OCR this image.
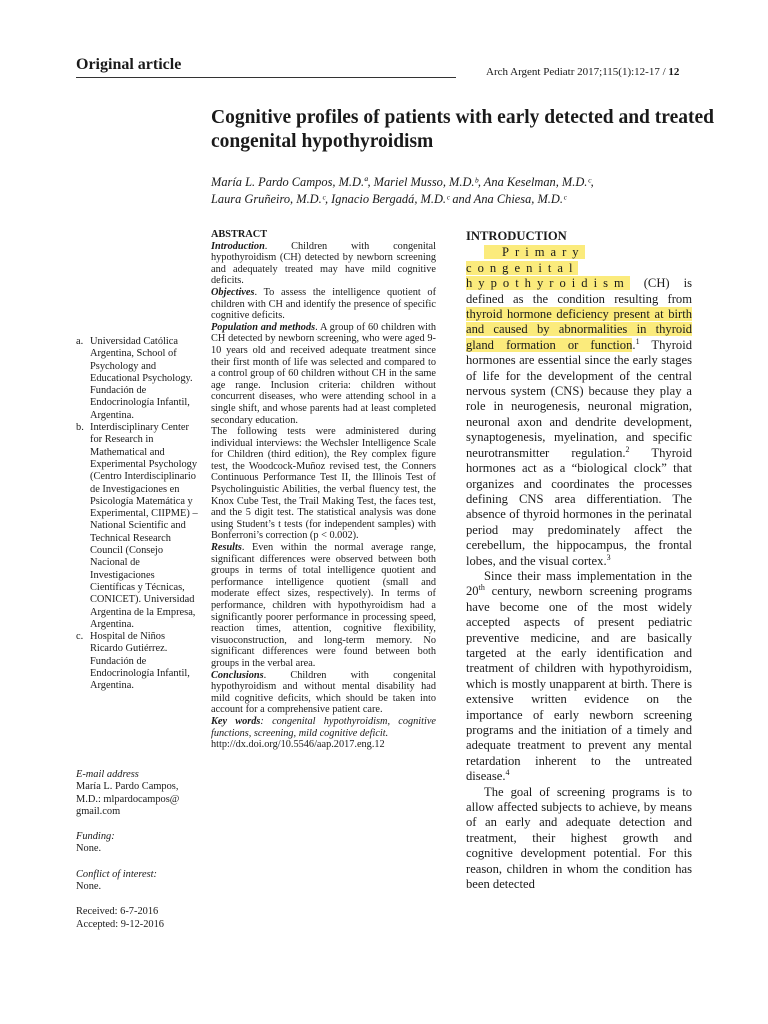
Original article	Arch Argent Pediatr 2017;115(1):12-17 / 12
Cognitive profiles of patients with early detected and treated congenital hypothyroidism
María L. Pardo Campos, M.D.ª, Mariel Musso, M.D.ᵇ, Ana Keselman, M.D.ᶜ,
Laura Gruñeiro, M.D.ᶜ, Ignacio Bergadá, M.D.ᶜ and Ana Chiesa, M.D.ᶜ
a. Universidad Católica Argentina, School of Psychology and Educational Psychology. Fundación de Endocrinología Infantil, Argentina.
b. Interdisciplinary Center for Research in Mathematical and Experimental Psychology (Centro Interdisciplinario de Investigaciones en Psicología Matemática y Experimental, CIIPME) – National Scientific and Technical Research Council (Consejo Nacional de Investigaciones Científicas y Técnicas, CONICET). Universidad Argentina de la Empresa, Argentina.
c. Hospital de Niños Ricardo Gutiérrez. Fundación de Endocrinología Infantil, Argentina.
E-mail address
María L. Pardo Campos, M.D.: mlpardocampos@ gmail.com
Funding:
None.
Conflict of interest:
None.
Received: 6-7-2016
Accepted: 9-12-2016
ABSTRACT

Introduction. Children with congenital hypothyroidism (CH) detected by newborn screening and adequately treated may have mild cognitive deficits.

Objectives. To assess the intelligence quotient of children with CH and identify the presence of specific cognitive deficits.

Population and methods. A group of 60 children with CH detected by newborn screening, who were aged 9-10 years old and received adequate treatment since their first month of life was selected and compared to a control group of 60 children without CH in the same age range. Inclusion criteria: children without concurrent diseases, who were attending school in a single shift, and whose parents had at least completed secondary education.

The following tests were administered during individual interviews: the Wechsler Intelligence Scale for Children (third edition), the Rey complex figure test, the Woodcock-Muñoz revised test, the Conners Continuous Performance Test II, the Illinois Test of Psycholinguistic Abilities, the verbal fluency test, the Knox Cube Test, the Trail Making Test, the faces test, and the 5 digit test. The statistical analysis was done using Student’s t tests (for independent samples) with Bonferroni’s correction (p < 0.002).

Results. Even within the normal average range, significant differences were observed between both groups in terms of total intelligence quotient and performance intelligence quotient (small and moderate effect sizes, respectively). In terms of performance, children with hypothyroidism had a significantly poorer performance in processing speed, reaction times, attention, cognitive flexibility, visuoconstruction, and long-term memory. No significant differences were found between both groups in the verbal area.

Conclusions. Children with congenital hypothyroidism and without mental disability had mild cognitive deficits, which should be taken into account for a comprehensive patient care.

Key words: congenital hypothyroidism, cognitive functions, screening, mild cognitive deficit.

http://dx.doi.org/10.5546/aap.2017.eng.12

INTRODUCTION

Primary congenital hypothyroidism (CH) is defined as the condition resulting from thyroid hormone deficiency present at birth and caused by abnormalities in thyroid gland formation or function.$^1$ Thyroid hormones are essential since the early stages of life for the development of the central nervous system (CNS) because they play a role in neurogenesis, neuronal migration, neuronal axon and dendrite development, synaptogenesis, myelination, and specific neurotransmitter regulation.$^2$ Thyroid hormones act as a “biological clock” that organizes and coordinates the processes defining CNS area differentiation. The absence of thyroid hormones in the perinatal period may predominately affect the cerebellum, the hippocampus, the frontal lobes, and the visual cortex.$^3$

Since their mass implementation in the 20th century, newborn screening programs have become one of the most widely accepted aspects of present pediatric preventive medicine, and are basically targeted at the early identification and treatment of children with hypothyroidism, which is mostly unapparent at birth. There is extensive written evidence on the importance of early newborn screening programs and the initiation of a timely and adequate treatment to prevent any mental retardation inherent to the untreated disease.$^4$

The goal of screening programs is to allow affected subjects to achieve, by means of an early and adequate detection and treatment, their highest growth and cognitive development potential. For this reason, children in whom the condition has been detected
